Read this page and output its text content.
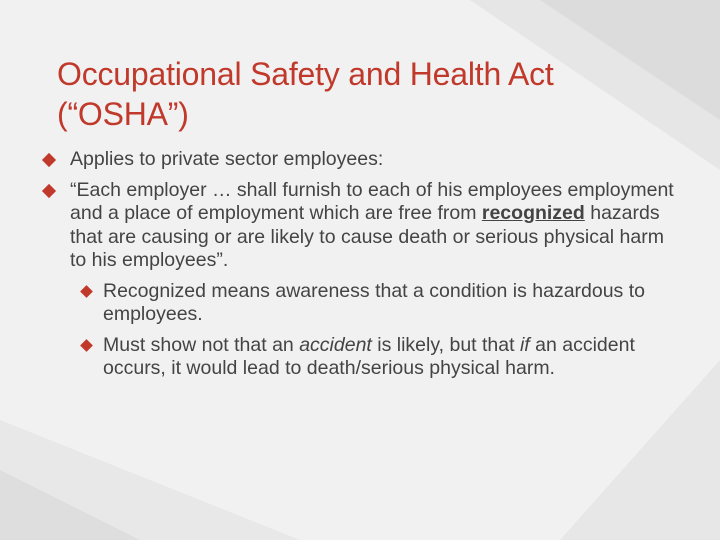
Occupational Safety and Health Act
(“OSHA”)
Applies to private sector employees:
“Each employer … shall furnish to each of his employees employment and a place of employment which are free from recognized hazards that are causing or are likely to cause death or serious physical harm to his employees”.
Recognized means awareness that a condition is hazardous to employees.
Must show not that an accident is likely, but that if an accident occurs, it would lead to death/serious physical harm.
